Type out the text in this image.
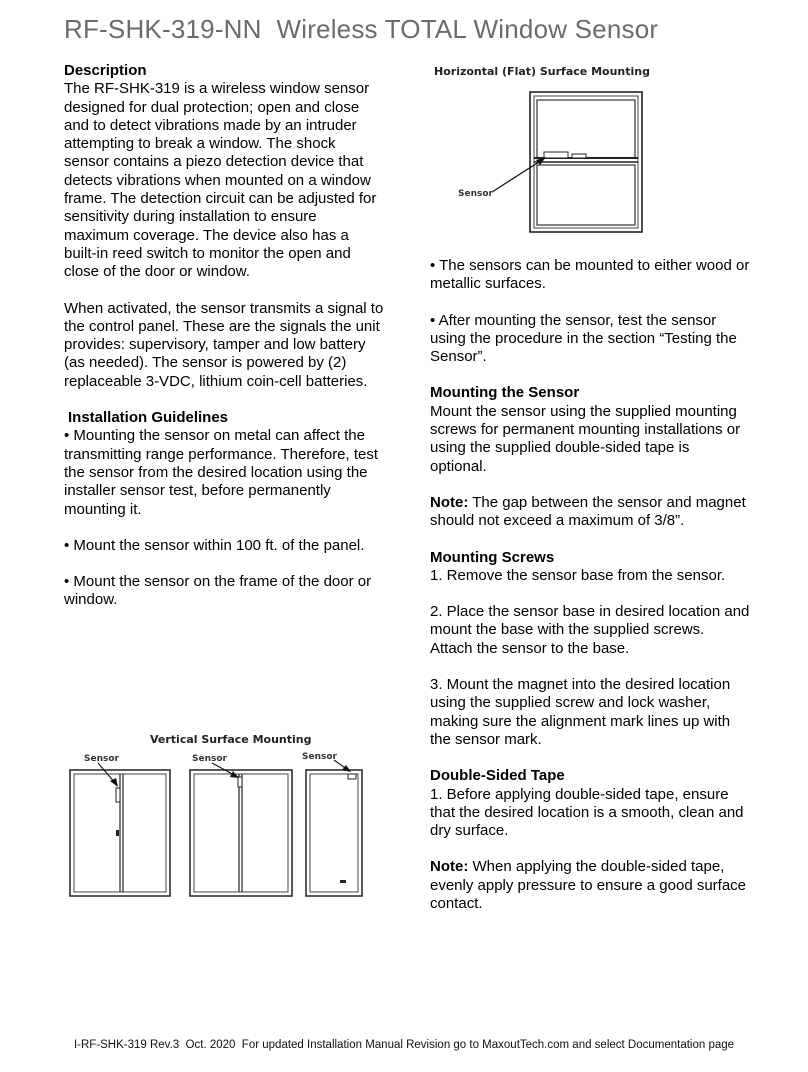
RF-SHK-319-NN  Wireless TOTAL Window Sensor
Description
The RF-SHK-319 is a wireless window sensor designed for dual protection; open and close and to detect vibrations made by an intruder attempting to break a window. The shock sensor contains a piezo detection device that detects vibrations when mounted on a window frame. The detection circuit can be adjusted for sensitivity during installation to ensure maximum coverage. The device also has a built-in reed switch to monitor the open and close of the door or window.
When activated, the sensor transmits a signal to the control panel. These are the signals the unit provides: supervisory, tamper and low battery (as needed). The sensor is powered by (2) replaceable 3-VDC, lithium coin-cell batteries.
Installation Guidelines
• Mounting the sensor on metal can affect the transmitting range performance. Therefore, test the sensor from the desired location using the installer sensor test, before permanently mounting it.
• Mount the sensor within 100 ft. of the panel.
• Mount the sensor on the frame of the door or window.
Sensor
Horizontal (Flat) Surface Mounting
Sensor	Sensor	Sensor
Vertical Surface Mounting
• The sensors can be mounted to either wood or metallic surfaces.
• After mounting the sensor, test the sensor using the procedure in the section “Testing the Sensor”.
Mounting the Sensor
Mount the sensor using the supplied mounting screws for permanent mounting installations or using the supplied double-sided tape is optional.
Note: The gap between the sensor and magnet should not exceed a maximum of 3/8”.
Mounting Screws
1. Remove the sensor base from the sensor.
2. Place the sensor base in desired location and mount the base with the supplied screws. Attach the sensor to the base.
3. Mount the magnet into the desired location using the supplied screw and lock washer, making sure the alignment mark lines up with the sensor mark.
Double-Sided Tape
1. Before applying double-sided tape, ensure that the desired location is a smooth, clean and dry surface.
Note: When applying the double-sided tape, evenly apply pressure to ensure a good surface contact.
I-RF-SHK-319 Rev.3  Oct. 2020  For updated Installation Manual Revision go to MaxoutTech.com and select Documentation page
